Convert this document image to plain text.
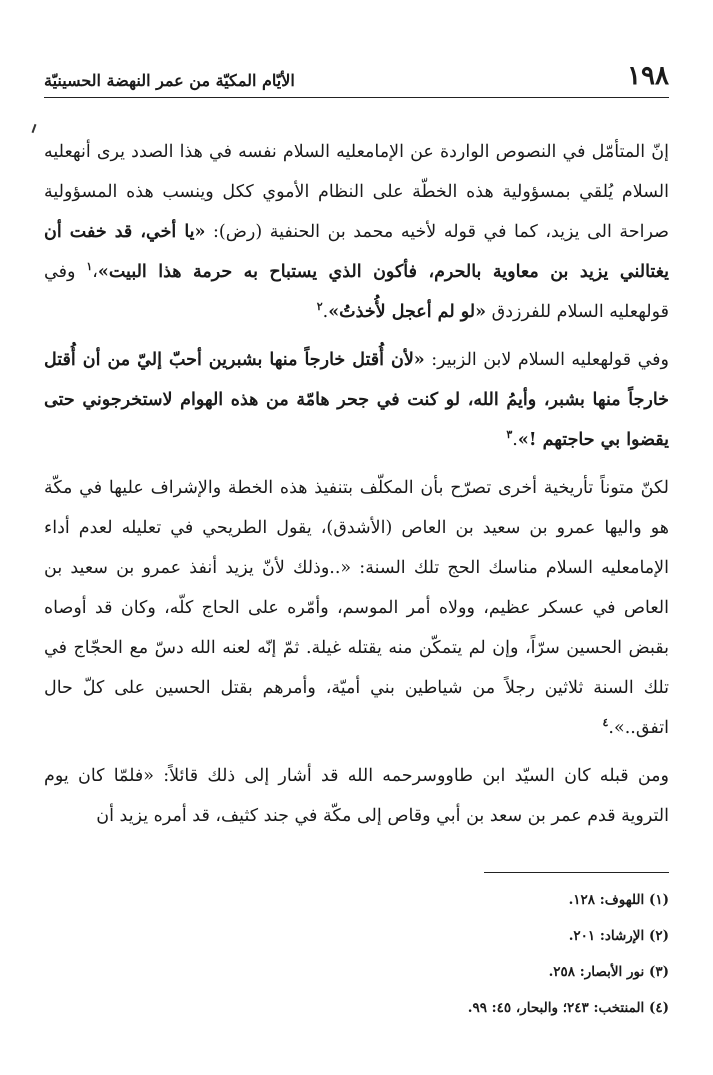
١٩٨
الأيّام المكيّة من عمر النهضة الحسينيّة

إنّ المتأمّل في النصوص الواردة عن الإمامعليه السلام نفسه في هذا الصدد يرى أنهعليه السلام يُلقي بمسؤولية هذه الخطّة على النظام الأموي ككل وينسب هذه المسؤولية صراحة الى يزيد، كما في قوله لأخيه محمد بن الحنفية (رض): «يا أخي، قد خفت أن يغتالني يزيد بن معاوية بالحرم، فأكون الذي يستباح به حرمة هذا البيت»،$^١$ وفي قولهعليه السلام للفرزدق «لو لم أعجل لأُخذتُ».$^٢$

وفي قولهعليه السلام لابن الزبير: «لأن أُقتل خارجاً منها بشبرين أحبّ إليّ من أن أُقتل خارجاً منها بشبر، وأيمُ الله، لو كنت في جحر هامّة من هذه الهوام لاستخرجوني حتى يقضوا بي حاجتهم !».$^٣$

لكنّ متوناً تأريخية أخرى تصرّح بأن المكلّف بتنفيذ هذه الخطة والإشراف عليها في مكّة هو واليها عمرو بن سعيد بن العاص (الأشدق)، يقول الطريحي في تعليله لعدم أداء الإمامعليه السلام مناسك الحج تلك السنة: «..وذلك لأنّ يزيد أنفذ عمرو بن سعيد بن العاص في عسكر عظيم، وولاه أمر الموسم، وأمّره على الحاج كلّه، وكان قد أوصاه بقبض الحسين سرّاً، وإن لم يتمكّن منه يقتله غيلة. ثمّ إنّه لعنه الله دسّ مع الحجّاج في تلك السنة ثلاثين رجلاً من شياطين بني أميّة، وأمرهم بقتل الحسين على كلّ حال اتفق..».$^٤$

ومن قبله كان السيّد ابن طاووسرحمه الله قد أشار إلى ذلك قائلاً: «فلمّا كان يوم التروية قدم عمر بن سعد بن أبي وقاص إلى مكّة في جند كثيف، قد أمره يزيد أن

(١) اللهوف: ١٢٨.
(٢) الإرشاد: ٢٠١.
(٣) نور الأبصار: ٢٥٨.
(٤) المنتخب: ٢٤٣؛ والبحار، ٤٥: ٩٩.
